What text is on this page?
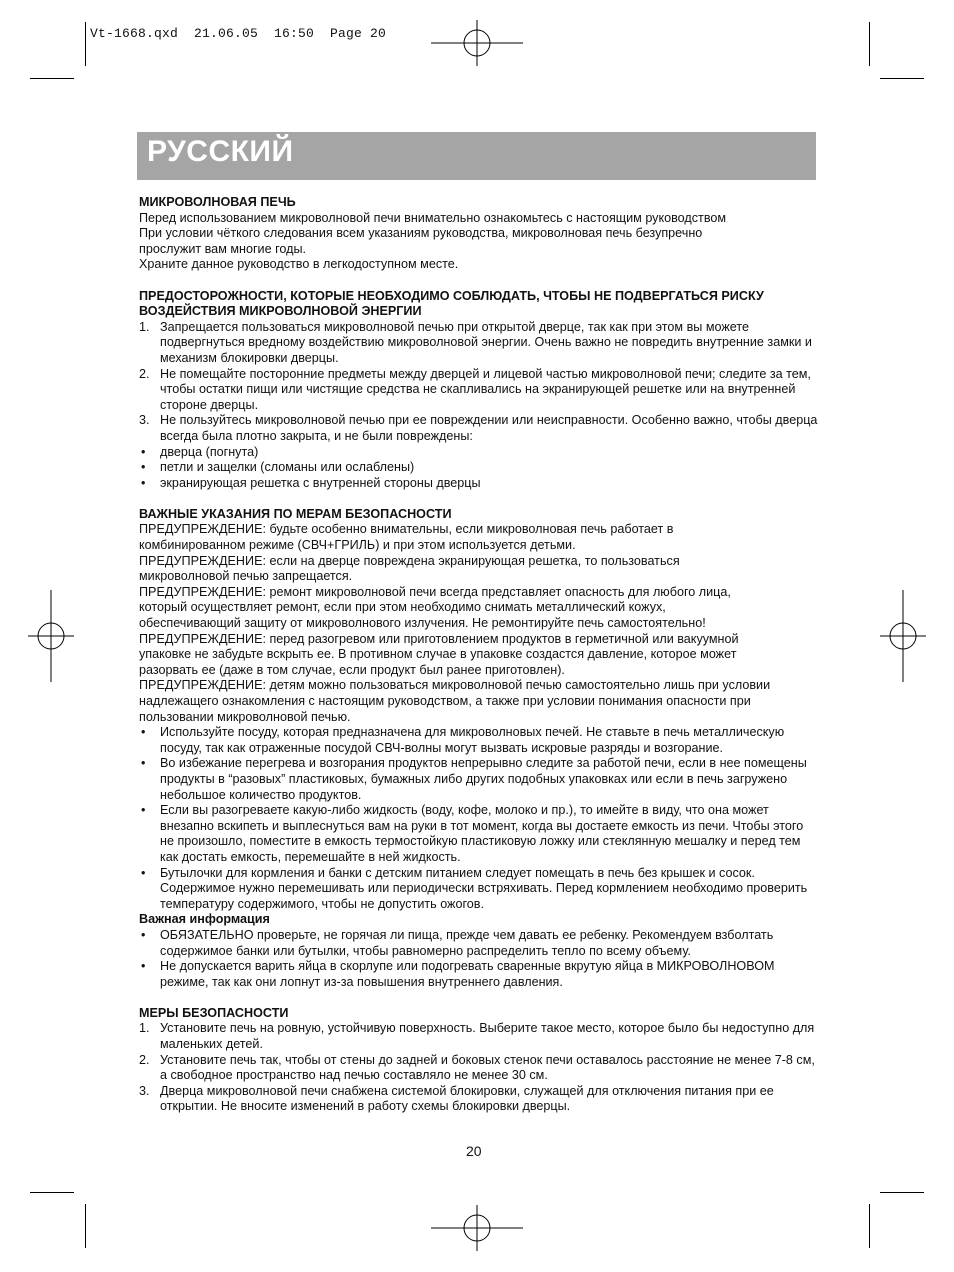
Vt-1668.qxd  21.06.05  16:50  Page 20
РУССКИЙ

МИКРОВОЛНОВАЯ ПЕЧЬ

Перед использованием микроволновой печи внимательно ознакомьтесь с настоящим руководством

При условии чёткого следования всем указаниям руководства, микроволновая печь безупречно

прослужит вам многие годы.

Храните данное руководство в легкодоступном месте.

ПРЕДОСТОРОЖНОСТИ, КОТОРЫЕ НЕОБХОДИМО СОБЛЮДАТЬ, ЧТОБЫ НЕ ПОДВЕРГАТЬСЯ РИСКУ

ВОЗДЕЙСТВИЯ МИКРОВОЛНОВОЙ ЭНЕРГИИ

1. Запрещается пользоваться микроволновой печью при открытой дверце, так как при этом вы можете подвергнуться вредному воздействию микроволновой энергии. Очень важно не повредить внутренние замки и механизм блокировки дверцы.
2. Не помещайте посторонние предметы между дверцей и лицевой частью микроволновой печи; следите за тем, чтобы остатки пищи или чистящие средства не скапливались на экранирующей решетке или на внутренней стороне дверцы.
3. Не пользуйтесь микроволновой печью при ее повреждении или неисправности. Особенно важно, чтобы дверца всегда была плотно закрыта, и не были повреждены:
• дверца (погнута)
• петли и защелки (сломаны или ослаблены)
• экранирующая решетка с внутренней стороны дверцы

ВАЖНЫЕ УКАЗАНИЯ ПО МЕРАМ БЕЗОПАСНОСТИ

ПРЕДУПРЕЖДЕНИЕ: будьте особенно внимательны, если микроволновая печь работает в

комбинированном режиме (СВЧ+ГРИЛЬ) и при этом используется детьми.

ПРЕДУПРЕЖДЕНИЕ: если на дверце повреждена экранирующая решетка, то пользоваться

микроволновой печью запрещается.

ПРЕДУПРЕЖДЕНИЕ: ремонт микроволновой печи всегда представляет опасность для любого лица,

который осуществляет ремонт, если при этом необходимо снимать металлический кожух,

обеспечивающий защиту от микроволнового излучения. Не ремонтируйте печь самостоятельно!

ПРЕДУПРЕЖДЕНИЕ: перед разогревом или приготовлением продуктов в герметичной или вакуумной

упаковке не забудьте вскрыть ее. В противном случае в упаковке создастся давление, которое может

разорвать ее (даже в том случае, если продукт был ранее приготовлен).

ПРЕДУПРЕЖДЕНИЕ: детям можно пользоваться микроволновой печью самостоятельно лишь при условии

надлежащего ознакомления с настоящим руководством, а также при условии понимания опасности при

пользовании микроволновой печью.

• Используйте посуду, которая предназначена для микроволновых печей. Не ставьте в печь металлическую посуду, так как отраженные посудой СВЧ-волны могут вызвать искровые разряды и возгорание.
• Во избежание перегрева и возгорания продуктов непрерывно следите за работой печи, если в нее помещены продукты в “разовых” пластиковых, бумажных либо других подобных упаковках или если в печь загружено небольшое количество продуктов.
• Если вы разогреваете какую-либо жидкость (воду, кофе, молоко и пр.), то имейте в виду, что она может внезапно вскипеть и выплеснуться вам на руки в тот момент, когда вы достаете емкость из печи. Чтобы этого не произошло, поместите в емкость термостойкую пластиковую ложку или стеклянную мешалку и перед тем как достать емкость, перемешайте в ней жидкость.
• Бутылочки для кормления и банки с детским питанием следует помещать в печь без крышек и сосок. Содержимое нужно перемешивать или периодически встряхивать. Перед кормлением необходимо проверить температуру содержимого, чтобы не допустить ожогов.

Важная информация

• ОБЯЗАТЕЛЬНО проверьте, не горячая ли пища, прежде чем давать ее ребенку. Рекомендуем взболтать содержимое банки или бутылки, чтобы равномерно распределить тепло по всему объему.
• Не допускается варить яйца в скорлупе или подогревать сваренные вкрутую яйца в МИКРОВОЛНОВОМ режиме, так как они лопнут из-за повышения внутреннего давления.

МЕРЫ БЕЗОПАСНОСТИ

1. Установите печь на ровную, устойчивую поверхность. Выберите такое место, которое было бы недоступно для маленьких детей.
2. Установите печь так, чтобы от стены до задней и боковых стенок печи оставалось расстояние не менее 7-8 см, а свободное пространство над печью составляло не менее 30 см.
3. Дверца микроволновой печи снабжена системой блокировки, служащей для отключения питания при ее открытии. Не вносите изменений в работу схемы блокировки дверцы.
20
